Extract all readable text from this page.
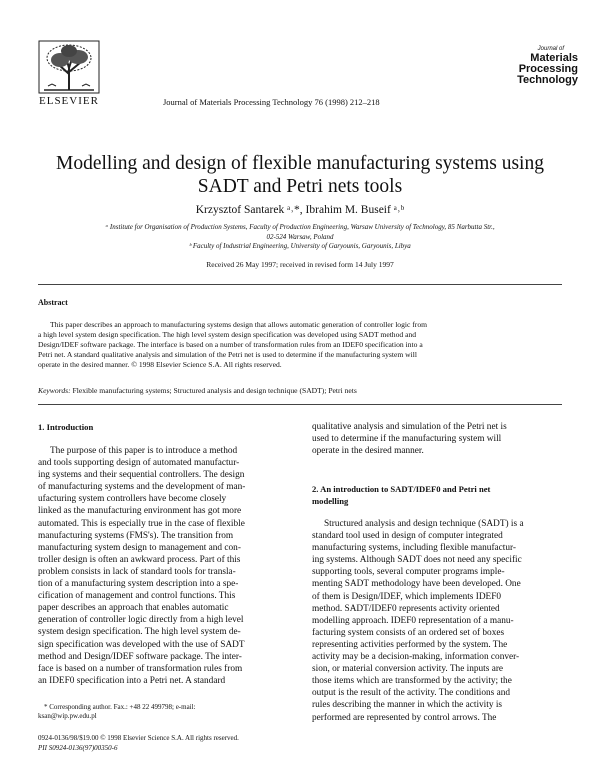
ELSEVIER	Journal of Materials Processing Technology 76 (1998) 212–218
Journal of
Materials
Processing
Technology
Modelling and design of flexible manufacturing systems using
SADT and Petri nets tools
Krzysztof Santarek ᵃ˒*, Ibrahim M. Buseif ᵃ˒ᵇ
ᵃ Institute for Organisation of Production Systems, Faculty of Production Engineering, Warsaw University of Technology, 85 Narbutta Str.,
02-524 Warsaw, Poland
ᵇ Faculty of Industrial Engineering, University of Garyounis, Garyounis, Libya
Received 26 May 1997; received in revised form 14 July 1997
Abstract
This paper describes an approach to manufacturing systems design that allows automatic generation of controller logic from
a high level system design specification. The high level system design specification was developed using SADT method and
Design/IDEF software package. The interface is based on a number of transformation rules from an IDEF0 specification into a
Petri net. A standard qualitative analysis and simulation of the Petri net is used to determine if the manufacturing system will
operate in the desired manner. © 1998 Elsevier Science S.A. All rights reserved.
Keywords: Flexible manufacturing systems; Structured analysis and design technique (SADT); Petri nets
1. Introduction
The purpose of this paper is to introduce a method
and tools supporting design of automated manufactur-
ing systems and their sequential controllers. The design
of manufacturing systems and the development of man-
ufacturing system controllers have become closely
linked as the manufacturing environment has got more
automated. This is especially true in the case of flexible
manufacturing systems (FMS's). The transition from
manufacturing system design to management and con-
troller design is often an awkward process. Part of this
problem consists in lack of standard tools for transla-
tion of a manufacturing system description into a spe-
cification of management and control functions. This
paper describes an approach that enables automatic
generation of controller logic directly from a high level
system design specification. The high level system de-
sign specification was developed with the use of SADT
method and Design/IDEF software package. The inter-
face is based on a number of transformation rules from
an IDEF0 specification into a Petri net. A standard
* Corresponding author. Fax.: +48 22 499798; e-mail:
ksan@wip.pw.edu.pl
0924-0136/98/$19.00 © 1998 Elsevier Science S.A. All rights reserved.
PII S0924-0136(97)00350-6
qualitative analysis and simulation of the Petri net is
used to determine if the manufacturing system will
operate in the desired manner.
2. An introduction to SADT/IDEF0 and Petri net
modelling
Structured analysis and design technique (SADT) is a
standard tool used in design of computer integrated
manufacturing systems, including flexible manufactur-
ing systems. Although SADT does not need any specific
supporting tools, several computer programs imple-
menting SADT methodology have been developed. One
of them is Design/IDEF, which implements IDEF0
method. SADT/IDEF0 represents activity oriented
modelling approach. IDEF0 representation of a manu-
facturing system consists of an ordered set of boxes
representing activities performed by the system. The
activity may be a decision-making, information conver-
sion, or material conversion activity. The inputs are
those items which are transformed by the activity; the
output is the result of the activity. The conditions and
rules describing the manner in which the activity is
performed are represented by control arrows. The
